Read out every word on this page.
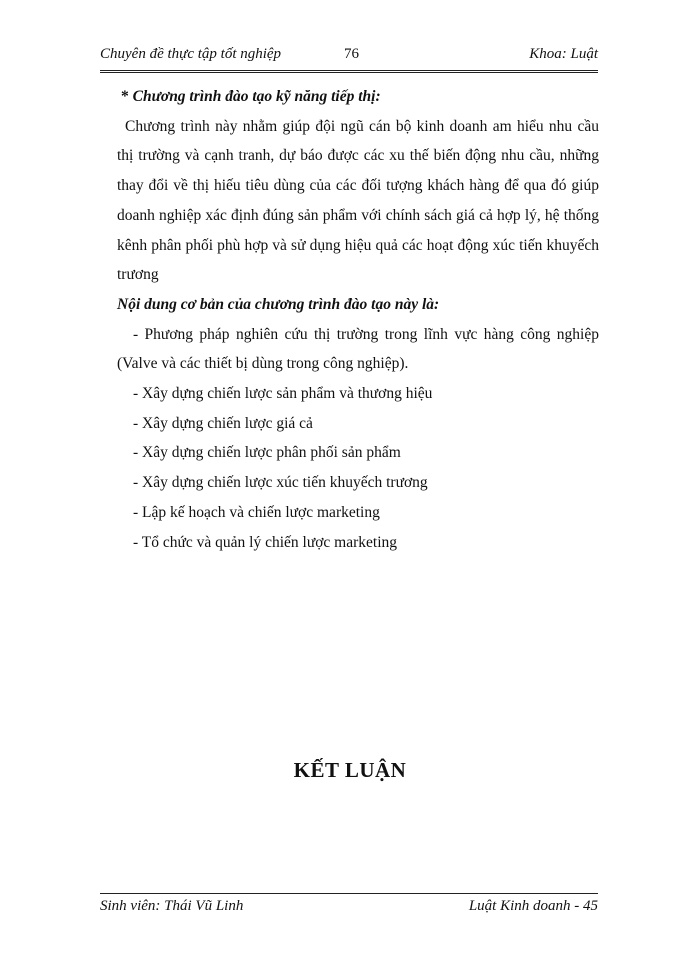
Chuyên đề thực tập tốt nghiệp	76	Khoa: Luật

* Chương trình đào tạo kỹ năng tiếp thị:

Chương trình này nhằm giúp đội ngũ cán bộ kinh doanh am hiểu nhu cầu thị trường và cạnh tranh, dự báo được các xu thế biến động nhu cầu, những thay đổi về thị hiếu tiêu dùng của các đối tượng khách hàng để qua đó giúp doanh nghiệp xác định đúng sản phẩm với chính sách giá cả hợp lý, hệ thống kênh phân phối phù hợp và sử dụng hiệu quả các hoạt động xúc tiến khuyếch trương

Nội dung cơ bản của chương trình đào tạo này là:

- Phương pháp nghiên cứu thị trường trong lĩnh vực hàng công nghiệp (Valve và các thiết bị dùng trong công nghiệp).

- Xây dựng chiến lược sản phẩm và thương hiệu

- Xây dựng chiến lược giá cả

- Xây dựng chiến lược phân phối sản phẩm

- Xây dựng chiến lược xúc tiến khuyếch trương

- Lập kế hoạch và chiến lược marketing

- Tổ chức và quản lý chiến lược marketing

KẾT LUẬN
Sinh viên: Thái Vũ Linh	Luật Kinh doanh - 45
